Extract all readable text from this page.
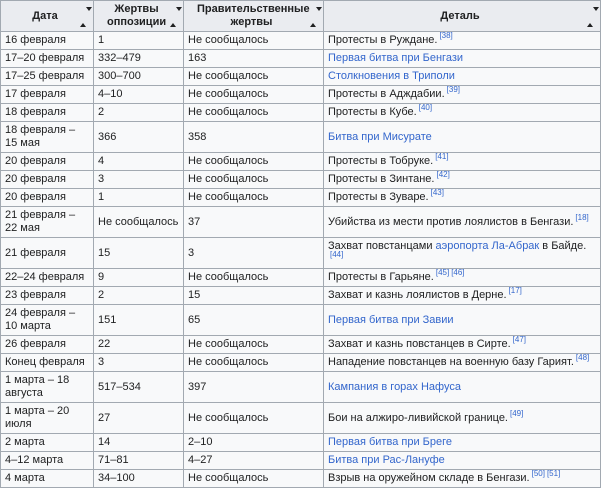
Дата	Жертвы оппозиции	Правительственные жертвы	Деталь

16 февраля	1	Не сообщалось	Протесты в Руждане. [38]
17–20 февраля	332–479	163	Первая битва при Бенгази
17–25 февраля	300–700	Не сообщалось	Столкновения в Триполи
17 февраля	4–10	Не сообщалось	Протесты в Адждабии. [39]
18 февраля	2	Не сообщалось	Протесты в Кубе. [40]
18 февраля – 15 мая	366	358	Битва при Мисурате
20 февраля	4	Не сообщалось	Протесты в Тобруке. [41]
20 февраля	3	Не сообщалось	Протесты в Зинтане. [42]
20 февраля	1	Не сообщалось	Протесты в Зуваре. [43]
21 февраля – 22 мая	Не сообщалось	37	Убийства из мести против лоялистов в Бенгази. [18]
21 февраля	15	3	Захват повстанцами аэропорта Ла-Абрак в Байде.[44]
22–24 февраля	9	Не сообщалось	Протесты в Гарьяне. [45] [46]
23 февраля	2	15	Захват и казнь лоялистов в Дерне. [17]
24 февраля – 10 марта	151	65	Первая битва при Завии
26 февраля	22	Не сообщалось	Захват и казнь повстанцев в Сирте. [47]
Конец февраля	3	Не сообщалось	Нападение повстанцев на военную базу Гарият. [48]
1 марта – 18 августа	517–534	397	Кампания в горах Нафуса
1 марта – 20 июля	27	Не сообщалось	Бои на алжиро-ливийской границе. [49]
2 марта	14	2–10	Первая битва при Бреге
4–12 марта	71–81	4–27	Битва при Рас-Лануфе
4 марта	34–100	Не сообщалось	Взрыв на оружейном складе в Бенгази. [50] [51]
